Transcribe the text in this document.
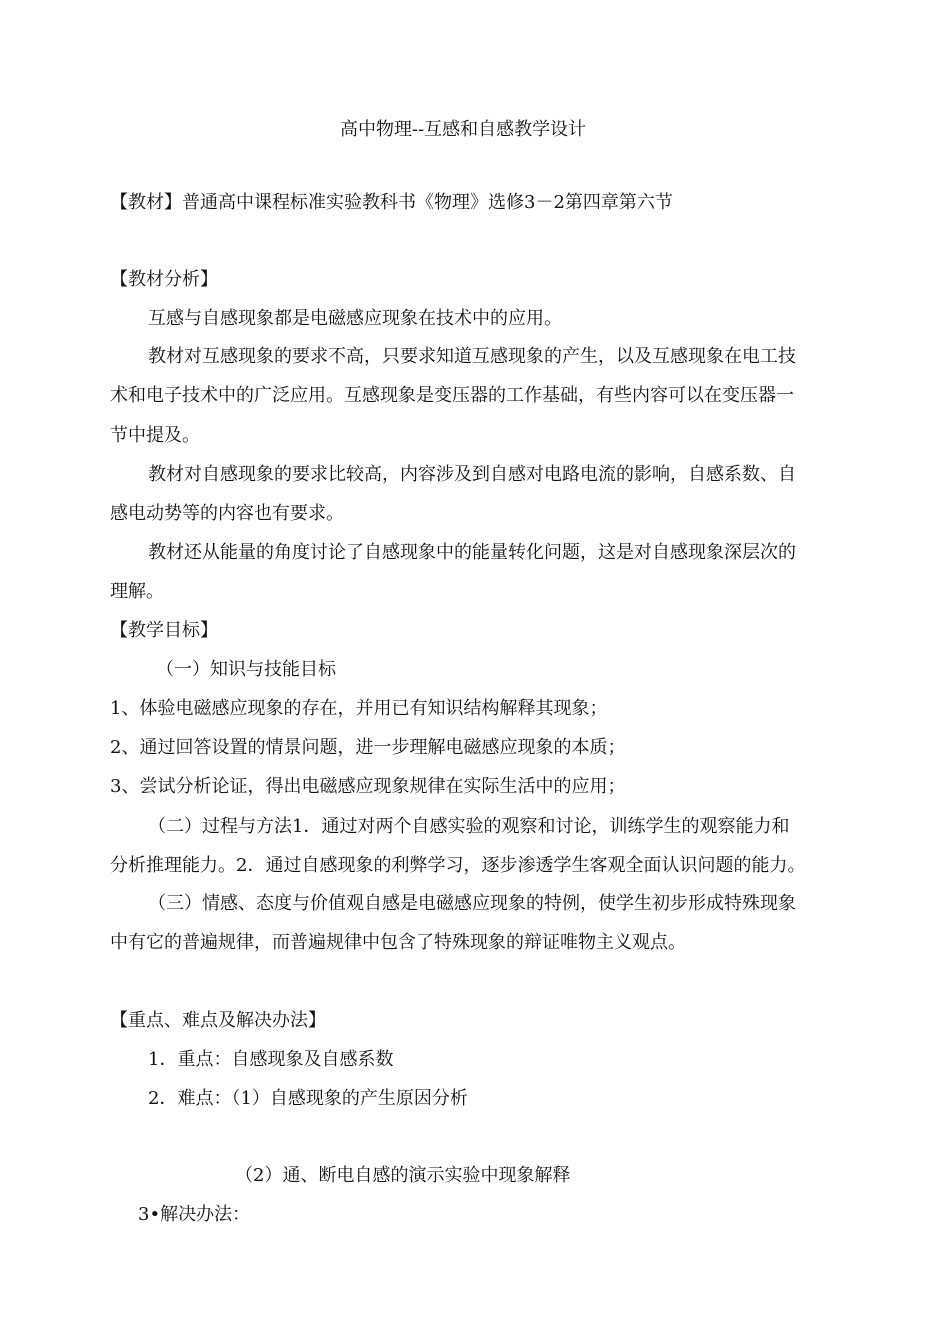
高中物理--互感和自感教学设计
【教材】普通高中课程标准实验教科书《物理》选修3－2第四章第六节
【教材分析】
互感与自感现象都是电磁感应现象在技术中的应用。
教材对互感现象的要求不高，只要求知道互感现象的产生，以及互感现象在电工技
术和电子技术中的广泛应用。互感现象是变压器的工作基础，有些内容可以在变压器一
节中提及。
教材对自感现象的要求比较高，内容涉及到自感对电路电流的影响，自感系数、自
感电动势等的内容也有要求。
教材还从能量的角度讨论了自感现象中的能量转化问题，这是对自感现象深层次的
理解。
【教学目标】
（一）知识与技能目标
1、体验电磁感应现象的存在，并用已有知识结构解释其现象；
2、通过回答设置的情景问题，进一步理解电磁感应现象的本质；
3、尝试分析论证，得出电磁感应现象规律在实际生活中的应用；
（二）过程与方法1．通过对两个自感实验的观察和讨论，训练学生的观察能力和
分析推理能力。2．通过自感现象的利弊学习，逐步渗透学生客观全面认识问题的能力。
（三）情感、态度与价值观自感是电磁感应现象的特例，使学生初步形成特殊现象
中有它的普遍规律，而普遍规律中包含了特殊现象的辩证唯物主义观点。
【重点、难点及解决办法】
1．重点：自感现象及自感系数
2．难点：（1）自感现象的产生原因分析
（2）通、断电自感的演示实验中现象解释
3•解决办法：
